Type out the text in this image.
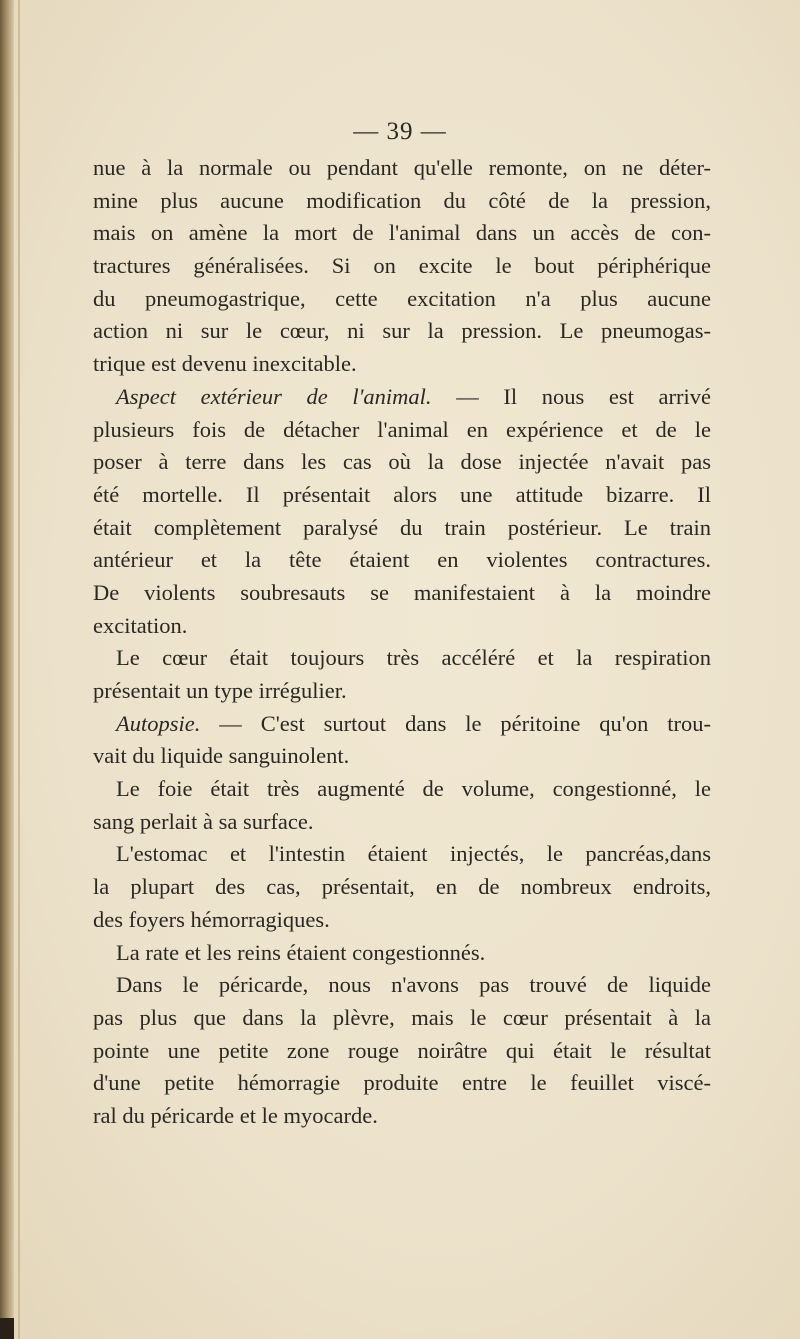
— 39 —
nue à la normale ou pendant qu'elle remonte, on ne déter-
mine plus aucune modification du côté de la pression,
mais on amène la mort de l'animal dans un accès de con-
tractures généralisées. Si on excite le bout périphérique
du pneumogastrique, cette excitation n'a plus aucune
action ni sur le cœur, ni sur la pression. Le pneumogas-
trique est devenu inexcitable.
Aspect extérieur de l'animal. — Il nous est arrivé
plusieurs fois de détacher l'animal en expérience et de le
poser à terre dans les cas où la dose injectée n'avait pas
été mortelle. Il présentait alors une attitude bizarre. Il
était complètement paralysé du train postérieur. Le train
antérieur et la tête étaient en violentes contractures.
De violents soubresauts se manifestaient à la moindre
excitation.
Le cœur était toujours très accéléré et la respiration
présentait un type irrégulier.
Autopsie. — C'est surtout dans le péritoine qu'on trou-
vait du liquide sanguinolent.
Le foie était très augmenté de volume, congestionné, le
sang perlait à sa surface.
L'estomac et l'intestin étaient injectés, le pancréas,dans
la plupart des cas, présentait, en de nombreux endroits,
des foyers hémorragiques.
La rate et les reins étaient congestionnés.
Dans le péricarde, nous n'avons pas trouvé de liquide
pas plus que dans la plèvre, mais le cœur présentait à la
pointe une petite zone rouge noirâtre qui était le résultat
d'une petite hémorragie produite entre le feuillet viscé-
ral du péricarde et le myocarde.
